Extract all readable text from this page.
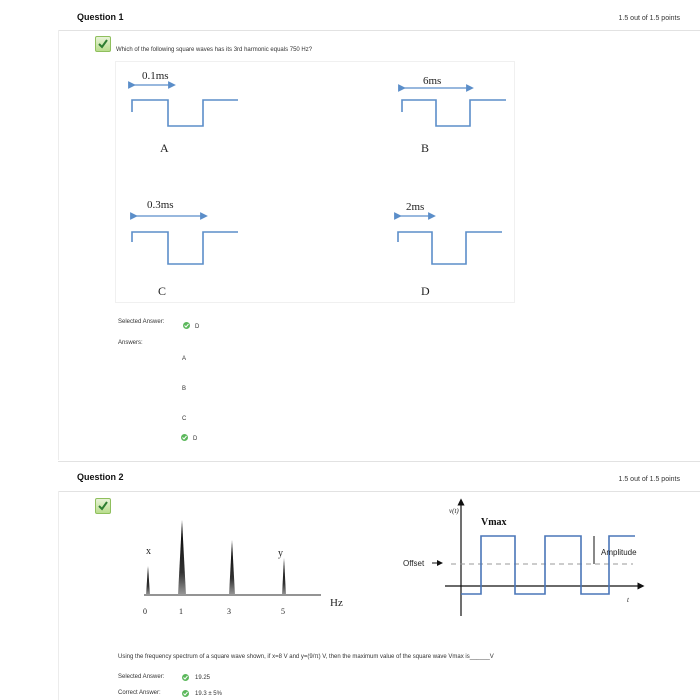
Question 1	1.5 out of 1.5 points
Which of the following square waves has its 3rd harmonic equals 750 Hz?
0.1ms
A
6ms
B
0.3ms
C
2ms
D
Selected Answer:
D
Answers:
A
B
C
D
Question 2	1.5 out of 1.5 points
x	y
0	1	3	5
Hz
v(t)
Vmax
Amplitude
Offset
t
Using the frequency spectrum of a square wave shown, if x=8 V and y=(9/π) V, then the maximum value of the square wave Vmax is______V
Selected Answer:	19.25
Correct Answer:	19.3 ± 5%
